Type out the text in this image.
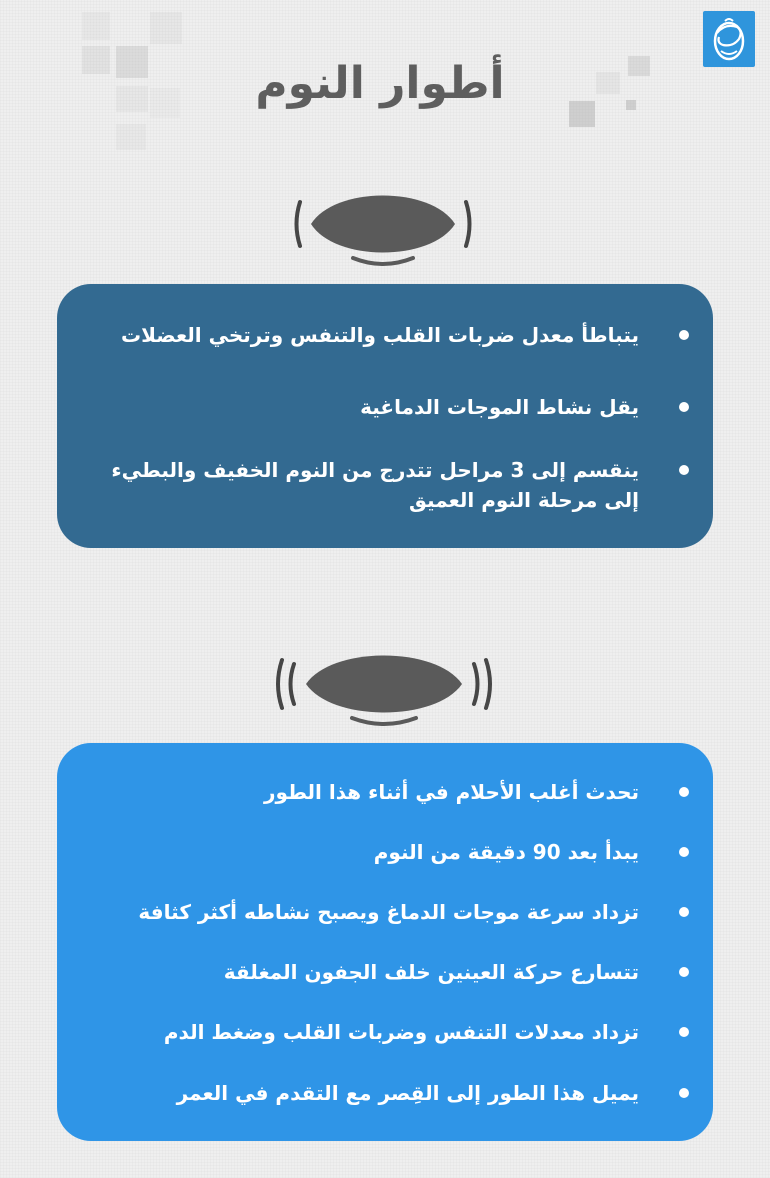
أطوار النوم
يتباطأ معدل ضربات القلب والتنفس وترتخي العضلات
يقل نشاط الموجات الدماغية
ينقسم إلى 3 مراحل تتدرج من النوم الخفيف والبطيء إلى مرحلة النوم العميق
تحدث أغلب الأحلام في أثناء هذا الطور
يبدأ بعد 90 دقيقة من النوم
تزداد سرعة موجات الدماغ ويصبح نشاطه أكثر كثافة
تتسارع حركة العينين خلف الجفون المغلقة
تزداد معدلات التنفس وضربات القلب وضغط الدم
يميل هذا الطور إلى القِصر مع التقدم في العمر
